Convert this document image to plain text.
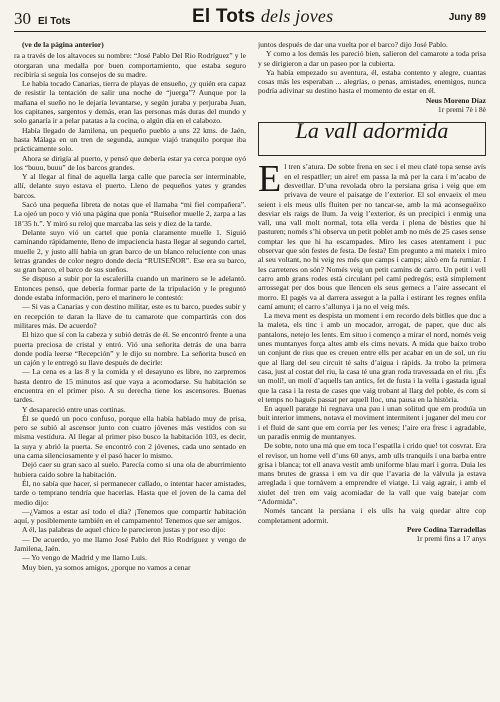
30 El Tots	El Tots dels joves	Juny 89

(ve de la pàgina anterior)

ra a través de los altavoces su nombre: “José Pablo Del Rio Rodríguez” y le otorgaran una medalla por buen comportamiento, que estaba seguro recibiría si seguía los consejos de su madre.

Le había tocado Canarias, tierra de playas de ensueño, ¿y quién era capaz de resistir la tentación de salir una noche de “juerga”? Aunque por la mañana el sueño no le dejaría levantarse, y según juraba y perjuraba Juan, los capitanes, sargentos y demás, eran las personas más duras del mundo y solo ganaría ir a pelar patatas a la cocina, o algún día en el calabozo.

Había llegado de Jamilena, un pequeño pueblo a uns 22 kms. de Jaén, hasta Málaga en un tren de segunda, aunque viajó tranquilo porque iba prácticamente solo.

Ahora se dirigía al puerto, y pensó que debería estar ya cerca porque oyó los “buuu, buuu” de los barcos grandes.

Y al llegar al final de aquella larga calle que parecía ser interminable, allí, delante suyo estava el puerto. Lleno de pequeños yates y grandes barcos.

Sacó una pequeña libreta de notas que el llamaba “mi fiel compañera”. La ojeó un poco y vió una página que ponía “Ruiseñor muelle 2, zarpa a las 18’35 h.”. Y miró su reloj que marcaba las seis y diez de la tarde.

Delante suyo vió un cartel que ponía claramente muelle 1. Siguió caminando rápidamente, lleno de impaciencia hasta llegar al segundo cartel, muelle 2, y justo allí había un gran barco de un blanco reluciente con unas letras grandes de color negro donde decía “RUISEÑOR”. Ese era su barco, su gran barco, el barco de sus sueños.

Se dispuso a subir por la escalerilla cuando un marinero se le adelantó. Entonces pensó, que debería formar parte de la tripulación y le preguntó donde estaba información, pero el marinero le contestó:

— Si vas a Canarias y con destino militar, este es tu barco, puedes subir y en recepción te daran la llave de tu camarote que compartirás con dos militares más. De acuerdo?

El hizo que sí con la cabeza y subió detrás de él. Se encontró frente a una puerta preciosa de cristal y entró. Vió una señorita detrás de una barra donde podía leerse “Recepción” y le dijo su nombre. La señorita buscó en un cajón y le entregó su llave después de decirle:

— La cena es a las 8 y la comida y el desayuno es libre, no zarpremos hasta dentro de 15 minutos así que vaya a acomodarse. Su habitación se encuentra en el primer piso. A su derecha tiene los ascensores. Buenas tardes.

Y desapareció entre unas cortinas.

Él se quedó un poco confuso, porque ella había hablado muy de prisa, pero se subió al ascensor junto con cuatro jóvenes más vestidos con su misma vestidura. Al llegar al primer piso busco la habitación 103, es decir, la suya y abrió la puerta. Se encontró con 2 jóvenes, cada uno sentado en una cama silenciosamente y el pasó hacer lo mismo.

Dejó caer su gran saco al suelo. Parecía como si una ola de aburrimiento hubiera caido sobre la habitación.

Él, no sabía que hacer, si permanecer callado, o intentar hacer amistades, tarde o temprano tendría que hacerlas. Hasta que el joven de la cama del medio dijo:

—¿Vamos a estar así todo el día? ¡Tenemos que compartir habitación aquí, y posiblemente también en el campamento! Tenemos que ser amigos.

A él, las palabras de aquel chico le parecieron justas y por eso dijo:

— De acuerdo, yo me llamo José Pablo del Rio Rodríguez y vengo de Jamilena, Jaén.

— Yo vengo de Madrid y me llamo Luis.

Muy bien, ya somos amigos, ¿porque no vamos a cenar

juntos después de dar una vuelta por el barco? dijo José Pablo.

Y como a los demás les pareció bien, salieron del camarote a toda prisa y se dirigieron a dar un paseo por la cubierta.

Ya había empezado su aventura, él, estaba contento y alegre, cuantas cosas más les esperaban ... alegrías, o penas, amistades, enemigos, nunca podría adivinar su destino hasta el momento de estar en él.

Neus Moreno Díaz

1r premi 7è i 8è

La vall adormida
E l tren s’atura. De sobte frena en sec i el meu claté topa sense avís en el respatller; un aire! em passa la mà per la cara i m’acabo de desvetllar. D’una revolada obro la persiana grisa i veig que em privava de veure el paisatge de l’exterior. El sol envaeix el meu seient i els meus ulls fluiten per no tancar-se, amb la mà aconseguéixo desviar els raigs de llum. Ja veig l’exterior, és un precipici i enmig una vall, una vall molt normal, tota ella verda i plena de bèsties que hi pasturen; només s’hi observa un petit poblet amb no més de 25 cases sense comptar les que hi ha escampades. Miro les cases atentament i puc observar que són festes de festa. De festa? Em pregunto a mi mateix i miro al seu voltant, no hi veig res més que camps i camps; això em fa rumiar. I les carreteres on són? Només veig un petit camins de carro. Un petit i vell carro amb grans rodes està circulant pel camí pedregós; està simplement arrossegat per dos bous que llencen els seus gemecs a l’aire assecant el morro. El pagès va al darrera assegut a la palla i estirant les regnes enfila camí amunt; el carro s’allunya i ja no el veig més.

La meva ment es despista un moment i em recordo dels bitlles que duc a la maleta, els tinc i amb un mocador, arrogat, de paper, que duc als pantalons, netejo les lents. Em situo i començo a mirar el nord, només veig unes muntanyes força altes amb els cims nevats. A mida que baixo trobo un conjunt de rius que es creuen entre ells per acabar en un de sol, un riu que al llarg del seu circuit té salts d’aigua i ràpids. Ja trobo la primera casa, just al costat del riu, la casa té una gran roda travessada en el riu. ¡És un molí!, un molí d’aquells tan antics, fet de fusta i la vella i gastada igual que la casa i la resta de cases que vaig trobant al llarg del poble, és com si el temps no hagués passat per aquell lloc, una pausa en la història.

En aquell paratge hi regnava una pau i unan solitud que em produïa un buit interior immens, notava el moviment intermitent i juganer del meu cor i el fluid de sant que em corria per les venes; l’aire era fresc i agradable, un paradís enmig de muntanyes.

De sobte, noto una mà que em toca l’espatlla i crido que! tot cosvrat. Era el revisor, un home vell d’uns 60 anys, amb ulls tranquils i una barba entre grisa i blanca; tot ell anava vestit amb uniforme blau marí i gorra. Duia les mans brutes de grassa i em va dir que l’avaria de la vàlvula ja estava arreglada i que tornàvem a emprendre el viatge. Li vaig agrair, i amb el xiulet del tren em vaig acomiadar de la vall que vaig batejar com “Adormida”.

Només tancant la persiana i els ulls ha vaig quedar altre cop completament adormit.

Pere Codina Tarradellas

1r premi fins a 17 anys
